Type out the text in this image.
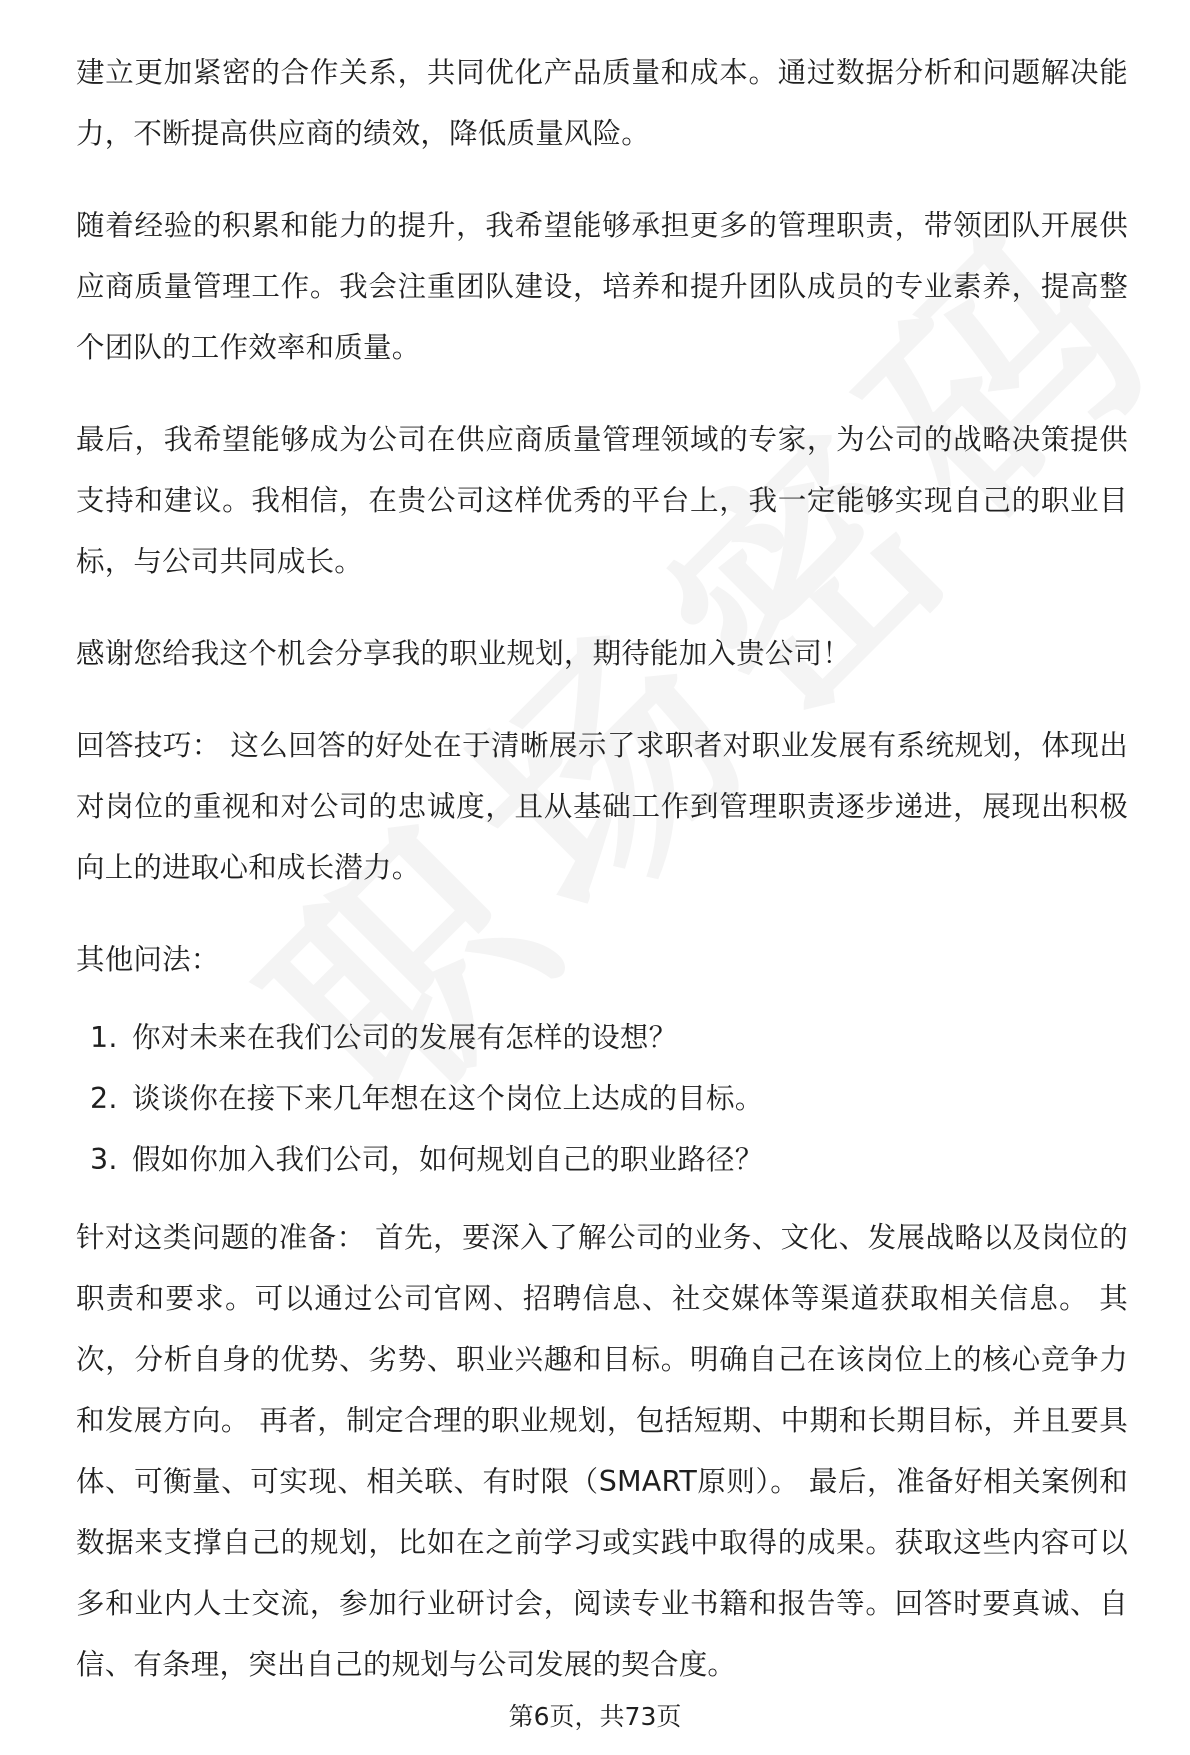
建立更加紧密的合作关系，共同优化产品质量和成本。通过数据分析和问题解决能力，不断提高供应商的绩效，降低质量风险。

随着经验的积累和能力的提升，我希望能够承担更多的管理职责，带领团队开展供应商质量管理工作。我会注重团队建设，培养和提升团队成员的专业素养，提高整个团队的工作效率和质量。

最后，我希望能够成为公司在供应商质量管理领域的专家，为公司的战略决策提供支持和建议。我相信，在贵公司这样优秀的平台上，我一定能够实现自己的职业目标，与公司共同成长。

感谢您给我这个机会分享我的职业规划，期待能加入贵公司！

回答技巧： 这么回答的好处在于清晰展示了求职者对职业发展有系统规划，体现出对岗位的重视和对公司的忠诚度，且从基础工作到管理职责逐步递进，展现出积极向上的进取心和成长潜力。

其他问法：

1. 你对未来在我们公司的发展有怎样的设想？
2. 谈谈你在接下来几年想在这个岗位上达成的目标。
3. 假如你加入我们公司，如何规划自己的职业路径？

针对这类问题的准备： 首先，要深入了解公司的业务、文化、发展战略以及岗位的职责和要求。可以通过公司官网、招聘信息、社交媒体等渠道获取相关信息。 其次，分析自身的优势、劣势、职业兴趣和目标。明确自己在该岗位上的核心竞争力和发展方向。 再者，制定合理的职业规划，包括短期、中期和长期目标，并且要具体、可衡量、可实现、相关联、有时限（SMART原则）。 最后，准备好相关案例和数据来支撑自己的规划，比如在之前学习或实践中取得的成果。获取这些内容可以多和业内人士交流，参加行业研讨会，阅读专业书籍和报告等。回答时要真诚、自信、有条理，突出自己的规划与公司发展的契合度。

第6页，共73页
